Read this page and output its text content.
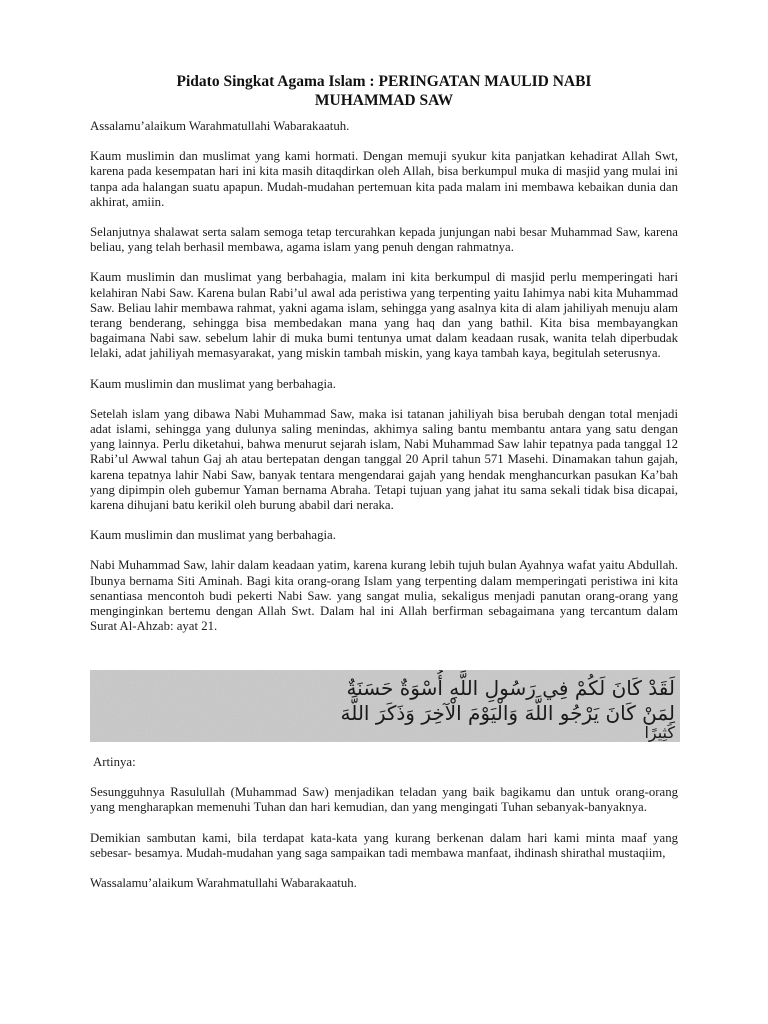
Pidato Singkat Agama Islam : PERINGATAN MAULID NABI
MUHAMMAD SAW

Assalamu’alaikum Warahmatullahi Wabarakaatuh.

Kaum muslimin dan muslimat yang kami hormati. Dengan memuji syukur kita panjatkan kehadirat Allah Swt, karena pada kesempatan hari ini kita masih ditaqdirkan oleh Allah, bisa berkumpul muka di masjid yang mulai ini tanpa ada halangan suatu apapun. Mudah-mudahan pertemuan kita pada malam ini membawa kebaikan dunia dan akhirat, amiin.

Selanjutnya shalawat serta salam semoga tetap tercurahkan kepada junjungan nabi besar Muhammad Saw, karena beliau, yang telah berhasil membawa, agama islam yang penuh dengan rahmatnya.

Kaum muslimin dan muslimat yang berbahagia, malam ini kita berkumpul di masjid perlu memperingati hari kelahiran Nabi Saw. Karena bulan Rabi’ul awal ada peristiwa yang terpenting yaitu Iahimya nabi kita Muhammad Saw. Beliau lahir membawa rahmat, yakni agama islam, sehingga yang asalnya kita di alam jahiliyah menuju alam terang benderang, sehingga bisa membedakan mana yang haq dan yang bathil. Kita bisa membayangkan bagaimana Nabi saw. sebelum lahir di muka bumi tentunya umat dalam keadaan rusak, wanita telah diperbudak lelaki, adat jahiliyah memasyarakat, yang miskin tambah miskin, yang kaya tambah kaya, begitulah seterusnya.

Kaum muslimin dan muslimat yang berbahagia.

Setelah islam yang dibawa Nabi Muhammad Saw, maka isi tatanan jahiliyah bisa berubah dengan total menjadi adat islami, sehingga yang dulunya saling menindas, akhimya saling bantu membantu antara yang satu dengan yang lainnya. Perlu diketahui, bahwa menurut sejarah islam, Nabi Muhammad Saw lahir tepatnya pada tanggal 12 Rabi’ul Awwal tahun Gaj ah atau bertepatan dengan tanggal 20 April tahun 571 Masehi. Dinamakan tahun gajah, karena tepatnya lahir Nabi Saw, banyak tentara mengendarai gajah yang hendak menghancurkan pasukan Ka’bah yang dipimpin oleh gubemur Yaman bernama Abraha. Tetapi tujuan yang jahat itu sama sekali tidak bisa dicapai, karena dihujani batu kerikil oleh burung ababil dari neraka.

Kaum muslimin dan muslimat yang berbahagia.

Nabi Muhammad Saw, lahir dalam keadaan yatim, karena kurang lebih tujuh bulan Ayahnya wafat yaitu Abdullah. Ibunya bernama Siti Aminah. Bagi kita orang-orang Islam yang terpenting dalam memperingati peristiwa ini kita senantiasa mencontoh budi pekerti Nabi Saw. yang sangat mulia, sekaligus menjadi panutan orang-orang yang menginginkan bertemu dengan Allah Swt. Dalam hal ini Allah berfirman sebagaimana yang tercantum dalam Surat Al-Ahzab: ayat 21.

لَقَدْ كَانَ لَكُمْ فِي رَسُولِ اللَّهِ أُسْوَةٌ حَسَنَةٌ
لِمَنْ كَانَ يَرْجُو اللَّهَ وَالْيَوْمَ الْآخِرَ وَذَكَرَ اللَّهَ
كَثِيرًا

Artinya:

Sesungguhnya Rasulullah (Muhammad Saw) menjadikan teladan yang baik bagikamu dan untuk orang-orang yang mengharapkan memenuhi Tuhan dan hari kemudian, dan yang mengingati Tuhan sebanyak-banyaknya.

Demikian sambutan kami, bila terdapat kata-kata yang kurang berkenan dalam hari kami minta maaf yang sebesar- besamya. Mudah-mudahan yang saga sampaikan tadi membawa manfaat, ihdinash shirathal mustaqiim,

Wassalamu’alaikum Warahmatullahi Wabarakaatuh.
